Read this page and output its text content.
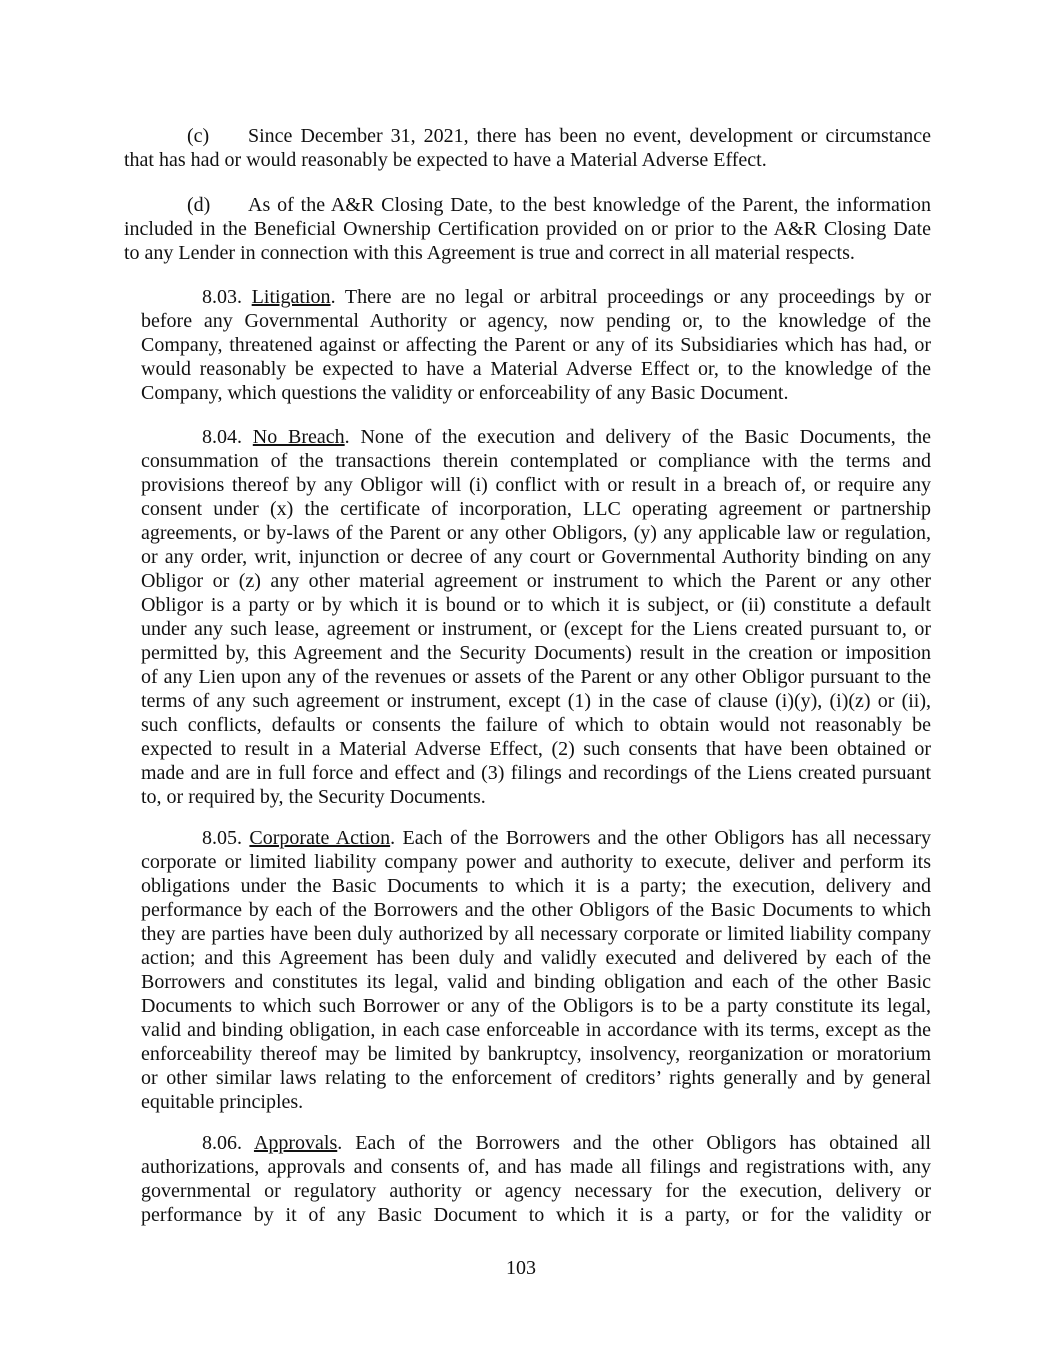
(c) Since December 31, 2021, there has been no event, development or circumstance
that has had or would reasonably be expected to have a Material Adverse Effect.
(d) As of the A&R Closing Date, to the best knowledge of the Parent, the information
included in the Beneficial Ownership Certification provided on or prior to the A&R Closing Date
to any Lender in connection with this Agreement is true and correct in all material respects.
8.03. Litigation. There are no legal or arbitral proceedings or any proceedings by or
before any Governmental Authority or agency, now pending or, to the knowledge of the
Company, threatened against or affecting the Parent or any of its Subsidiaries which has had, or
would reasonably be expected to have a Material Adverse Effect or, to the knowledge of the
Company, which questions the validity or enforceability of any Basic Document.
8.04. No Breach. None of the execution and delivery of the Basic Documents, the
consummation of the transactions therein contemplated or compliance with the terms and
provisions thereof by any Obligor will (i) conflict with or result in a breach of, or require any
consent under (x) the certificate of incorporation, LLC operating agreement or partnership
agreements, or by-laws of the Parent or any other Obligors, (y) any applicable law or regulation,
or any order, writ, injunction or decree of any court or Governmental Authority binding on any
Obligor or (z) any other material agreement or instrument to which the Parent or any other
Obligor is a party or by which it is bound or to which it is subject, or (ii) constitute a default
under any such lease, agreement or instrument, or (except for the Liens created pursuant to, or
permitted by, this Agreement and the Security Documents) result in the creation or imposition
of any Lien upon any of the revenues or assets of the Parent or any other Obligor pursuant to the
terms of any such agreement or instrument, except (1) in the case of clause (i)(y), (i)(z) or (ii),
such conflicts, defaults or consents the failure of which to obtain would not reasonably be
expected to result in a Material Adverse Effect, (2) such consents that have been obtained or
made and are in full force and effect and (3) filings and recordings of the Liens created pursuant
to, or required by, the Security Documents.
8.05. Corporate Action. Each of the Borrowers and the other Obligors has all necessary
corporate or limited liability company power and authority to execute, deliver and perform its
obligations under the Basic Documents to which it is a party; the execution, delivery and
performance by each of the Borrowers and the other Obligors of the Basic Documents to which
they are parties have been duly authorized by all necessary corporate or limited liability company
action; and this Agreement has been duly and validly executed and delivered by each of the
Borrowers and constitutes its legal, valid and binding obligation and each of the other Basic
Documents to which such Borrower or any of the Obligors is to be a party constitute its legal,
valid and binding obligation, in each case enforceable in accordance with its terms, except as the
enforceability thereof may be limited by bankruptcy, insolvency, reorganization or moratorium
or other similar laws relating to the enforcement of creditors’ rights generally and by general
equitable principles.
8.06. Approvals. Each of the Borrowers and the other Obligors has obtained all
authorizations, approvals and consents of, and has made all filings and registrations with, any
governmental or regulatory authority or agency necessary for the execution, delivery or
performance by it of any Basic Document to which it is a party, or for the validity or
103
